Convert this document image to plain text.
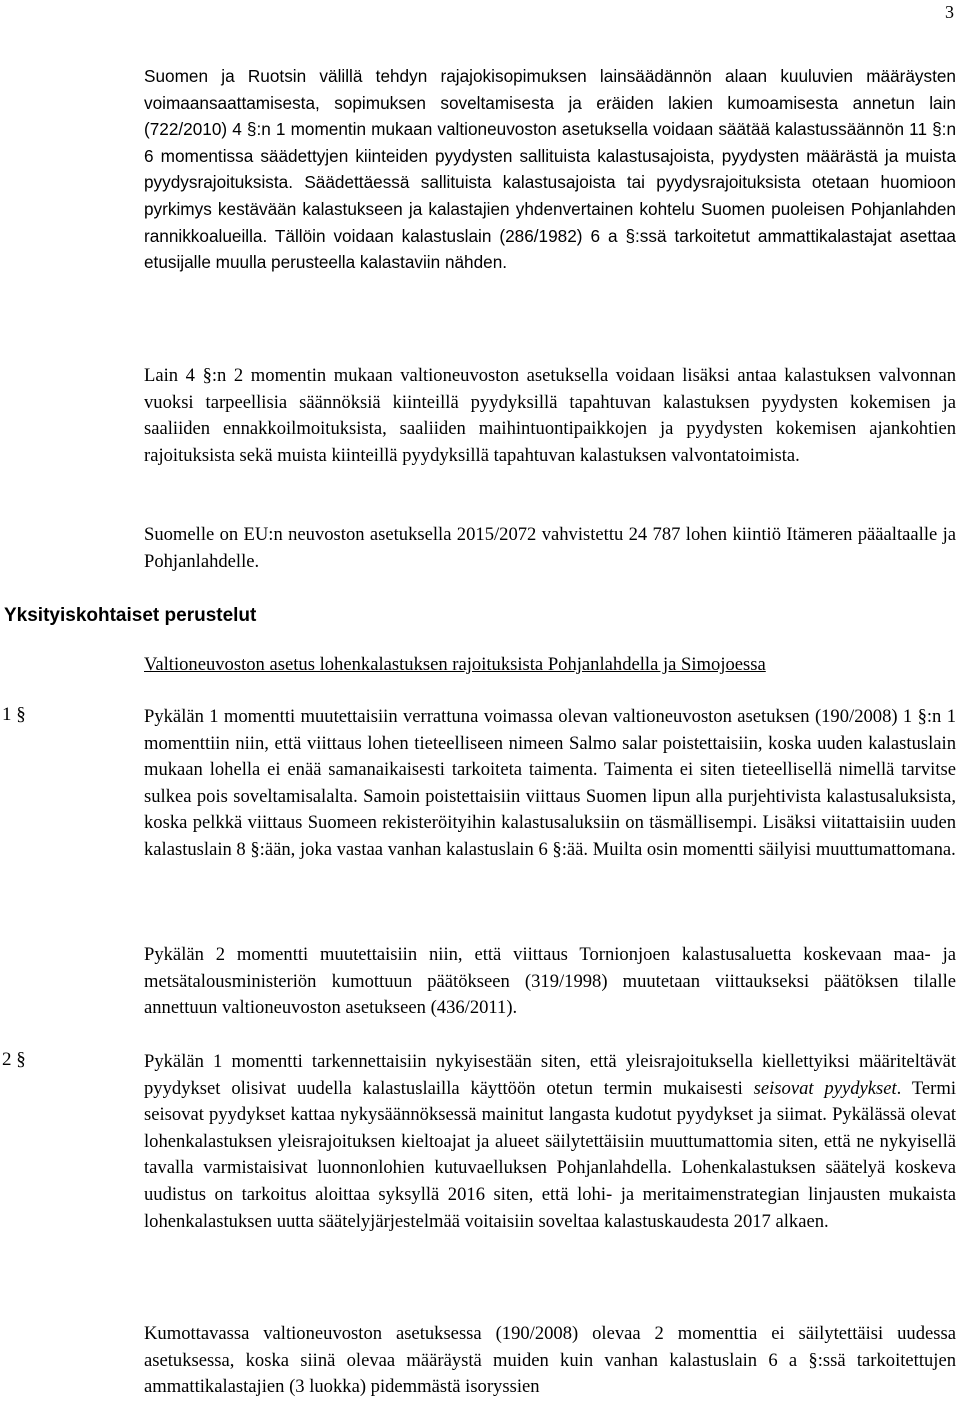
3

Suomen ja Ruotsin välillä tehdyn rajajokisopimuksen lainsäädännön alaan kuuluvien määräysten voimaansaattamisesta, sopimuksen soveltamisesta ja eräiden lakien kumoamisesta annetun lain (722/2010) 4 §:n 1 momentin mukaan valtioneuvoston asetuksella voidaan säätää kalastussäännön 11 §:n 6 momentissa säädettyjen kiinteiden pyydysten sallituista kalastusajoista, pyydysten määrästä ja muista pyydysrajoituksista. Säädettäessä sallituista kalastusajoista tai pyydysrajoituksista otetaan huomioon pyrkimys kestävään kalastukseen ja kalastajien yhdenvertainen kohtelu Suomen puoleisen Pohjanlahden rannikkoalueilla. Tällöin voidaan kalastuslain (286/1982) 6 a §:ssä tarkoitetut ammattikalastajat asettaa etusijalle muulla perusteella kalastaviin nähden.

Lain 4 §:n 2 momentin mukaan valtioneuvoston asetuksella voidaan lisäksi antaa kalastuksen valvonnan vuoksi tarpeellisia säännöksiä kiinteillä pyydyksillä tapahtuvan kalastuksen pyydysten kokemisen ja saaliiden ennakkoilmoituksista, saaliiden maihintuontipaikkojen ja pyydysten kokemisen ajankohtien rajoituksista sekä muista kiinteillä pyydyksillä tapahtuvan kalastuksen valvontatoimista.

Suomelle on EU:n neuvoston asetuksella 2015/2072 vahvistettu 24 787 lohen kiintiö Itämeren pääaltaalle ja Pohjanlahdelle.

Yksityiskohtaiset perustelut

Valtioneuvoston asetus lohenkalastuksen rajoituksista Pohjanlahdella ja Simojoessa

1 §	Pykälän 1 momentti muutettaisiin verrattuna voimassa olevan valtioneuvoston asetuksen (190/2008) 1 §:n 1 momenttiin niin, että viittaus lohen tieteelliseen nimeen Salmo salar poistettaisiin, koska uuden kalastuslain mukaan lohella ei enää samanaikaisesti tarkoiteta taimenta. Taimenta ei siten tieteellisellä nimellä tarvitse sulkea pois soveltamisalalta. Samoin poistettaisiin viittaus Suomen lipun alla purjehtivista kalastusaluksista, koska pelkkä viittaus Suomeen rekisteröityihin kalastusaluksiin on täsmällisempi. Lisäksi viitattaisiin uuden kalastuslain 8 §:ään, joka vastaa vanhan kalastuslain 6 §:ää. Muilta osin momentti säilyisi muuttumattomana.

Pykälän 2 momentti muutettaisiin niin, että viittaus Tornionjoen kalastusaluetta koskevaan maa- ja metsätalousministeriön kumottuun päätökseen (319/1998) muutetaan viittaukseksi päätöksen tilalle annettuun valtioneuvoston asetukseen (436/2011).

2 §	Pykälän 1 momentti tarkennettaisiin nykyisestään siten, että yleisrajoituksella kiellettyiksi määriteltävät pyydykset olisivat uudella kalastuslailla käyttöön otetun termin mukaisesti seisovat pyydykset. Termi seisovat pyydykset kattaa nykysäännöksessä mainitut langasta kudotut pyydykset ja siimat. Pykälässä olevat lohenkalastuksen yleisrajoituksen kieltoajat ja alueet säilytettäisiin muuttumattomia siten, että ne nykyisellä tavalla varmistaisivat luonnonlohien kutuvaelluksen Pohjanlahdella. Lohenkalastuksen säätelyä koskeva uudistus on tarkoitus aloittaa syksyllä 2016 siten, että lohi- ja meritaimenstrategian linjausten mukaista lohenkalastuksen uutta säätelyjärjestelmää voitaisiin soveltaa kalastuskaudesta 2017 alkaen.

Kumottavassa valtioneuvoston asetuksessa (190/2008) olevaa 2 momenttia ei säilytettäisi uudessa asetuksessa, koska siinä olevaa määräystä muiden kuin vanhan kalastuslain 6 a §:ssä tarkoitettujen ammattikalastajien (3 luokka) pidemmästä isoryssien
